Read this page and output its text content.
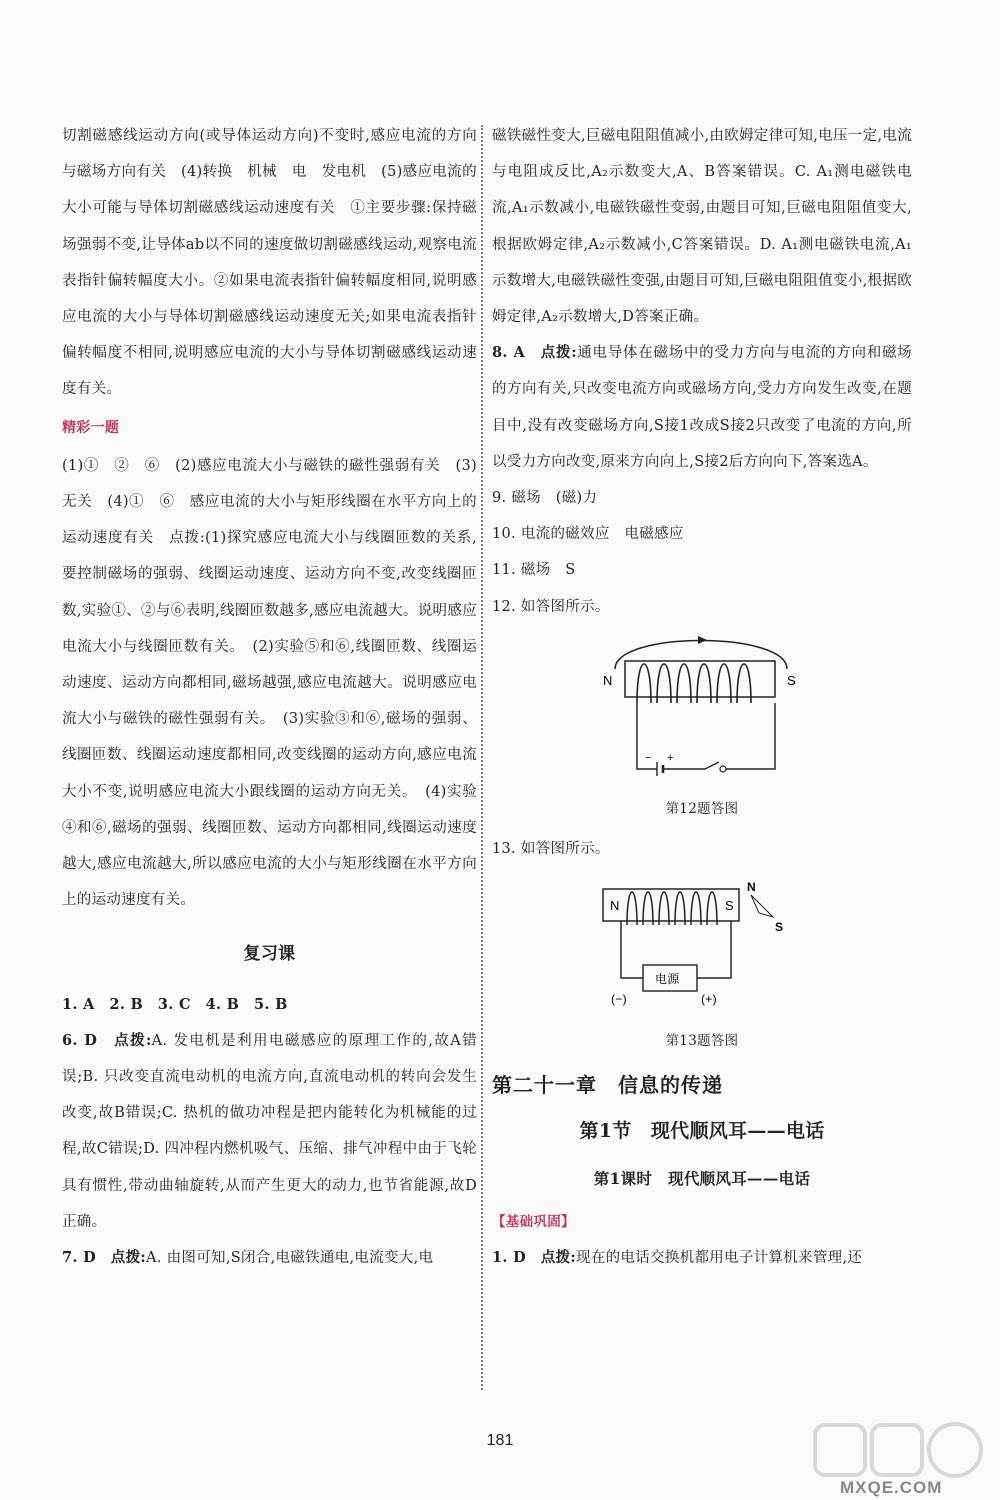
切割磁感线运动方向(或导体运动方向)不变时,感应电流的方向与磁场方向有关　(4)转换　机械　电　发电机　(5)感应电流的大小可能与导体切割磁感线运动速度有关　①主要步骤:保持磁场强弱不变,让导体ab以不同的速度做切割磁感线运动,观察电流表指针偏转幅度大小。②如果电流表指针偏转幅度相同,说明感应电流的大小与导体切割磁感线运动速度无关;如果电流表指针偏转幅度不相同,说明感应电流的大小与导体切割磁感线运动速度有关。

精彩一题

(1)①　②　⑥　(2)感应电流大小与磁铁的磁性强弱有关　(3)无关　(4)①　⑥　感应电流的大小与矩形线圈在水平方向上的运动速度有关　点拨:(1)探究感应电流大小与线圈匝数的关系,要控制磁场的强弱、线圈运动速度、运动方向不变,改变线圈匝数,实验①、②与⑥表明,线圈匝数越多,感应电流越大。说明感应电流大小与线圈匝数有关。　(2)实验⑤和⑥,线圈匝数、线圈运动速度、运动方向都相同,磁场越强,感应电流越大。说明感应电流大小与磁铁的磁性强弱有关。　(3)实验③和⑥,磁场的强弱、线圈匝数、线圈运动速度都相同,改变线圈的运动方向,感应电流大小不变,说明感应电流大小跟线圈的运动方向无关。　(4)实验④和⑥,磁场的强弱、线圈匝数、运动方向都相同,线圈运动速度越大,感应电流越大,所以感应电流的大小与矩形线圈在水平方向上的运动速度有关。

复习课

1. A　2. B　3. C　4. B　5. B

6. D　 点拨:A. 发电机是利用电磁感应的原理工作的,故A错误;B. 只改变直流电动机的电流方向,直流电动机的转向会发生改变,故B错误;C. 热机的做功冲程是把内能转化为机械能的过程,故C错误;D. 四冲程内燃机吸气、压缩、排气冲程中由于飞轮具有惯性,带动曲轴旋转,从而产生更大的动力,也节省能源,故D正确。

7. D　 点拨:A. 由图可知,S闭合,电磁铁通电,电流变大,电

磁铁磁性变大,巨磁电阻阻值减小,由欧姆定律可知,电压一定,电流与电阻成反比,A₂示数变大,A、B答案错误。C. A₁测电磁铁电流,A₁示数减小,电磁铁磁性变弱,由题目可知,巨磁电阻阻值变大,根据欧姆定律,A₂示数减小,C答案错误。D. A₁测电磁铁电流,A₁示数增大,电磁铁磁性变强,由题目可知,巨磁电阻阻值变小,根据欧姆定律,A₂示数增大,D答案正确。

8. A　 点拨:通电导体在磁场中的受力方向与电流的方向和磁场的方向有关,只改变电流方向或磁场方向,受力方向发生改变,在题目中,没有改变磁场方向,S接1改成S接2只改变了电流的方向,所以受力方向改变,原来方向向上,S接2后方向向下,答案选A。

9. 磁场　(磁)力

10. 电流的磁效应　电磁感应

11. 磁场　S

12. 如答图所示。

N	S
− +
第12题答图

13. 如答图所示。

N	S
电源
(−)	(+)
N
S
第13题答图
第二十一章　信息的传递
第1节　现代顺风耳——电话
第1课时　现代顺风耳——电话
【基础巩固】

1. D　 点拨:现在的电话交换机都用电子计算机来管理,还

181
MXQE.COM
